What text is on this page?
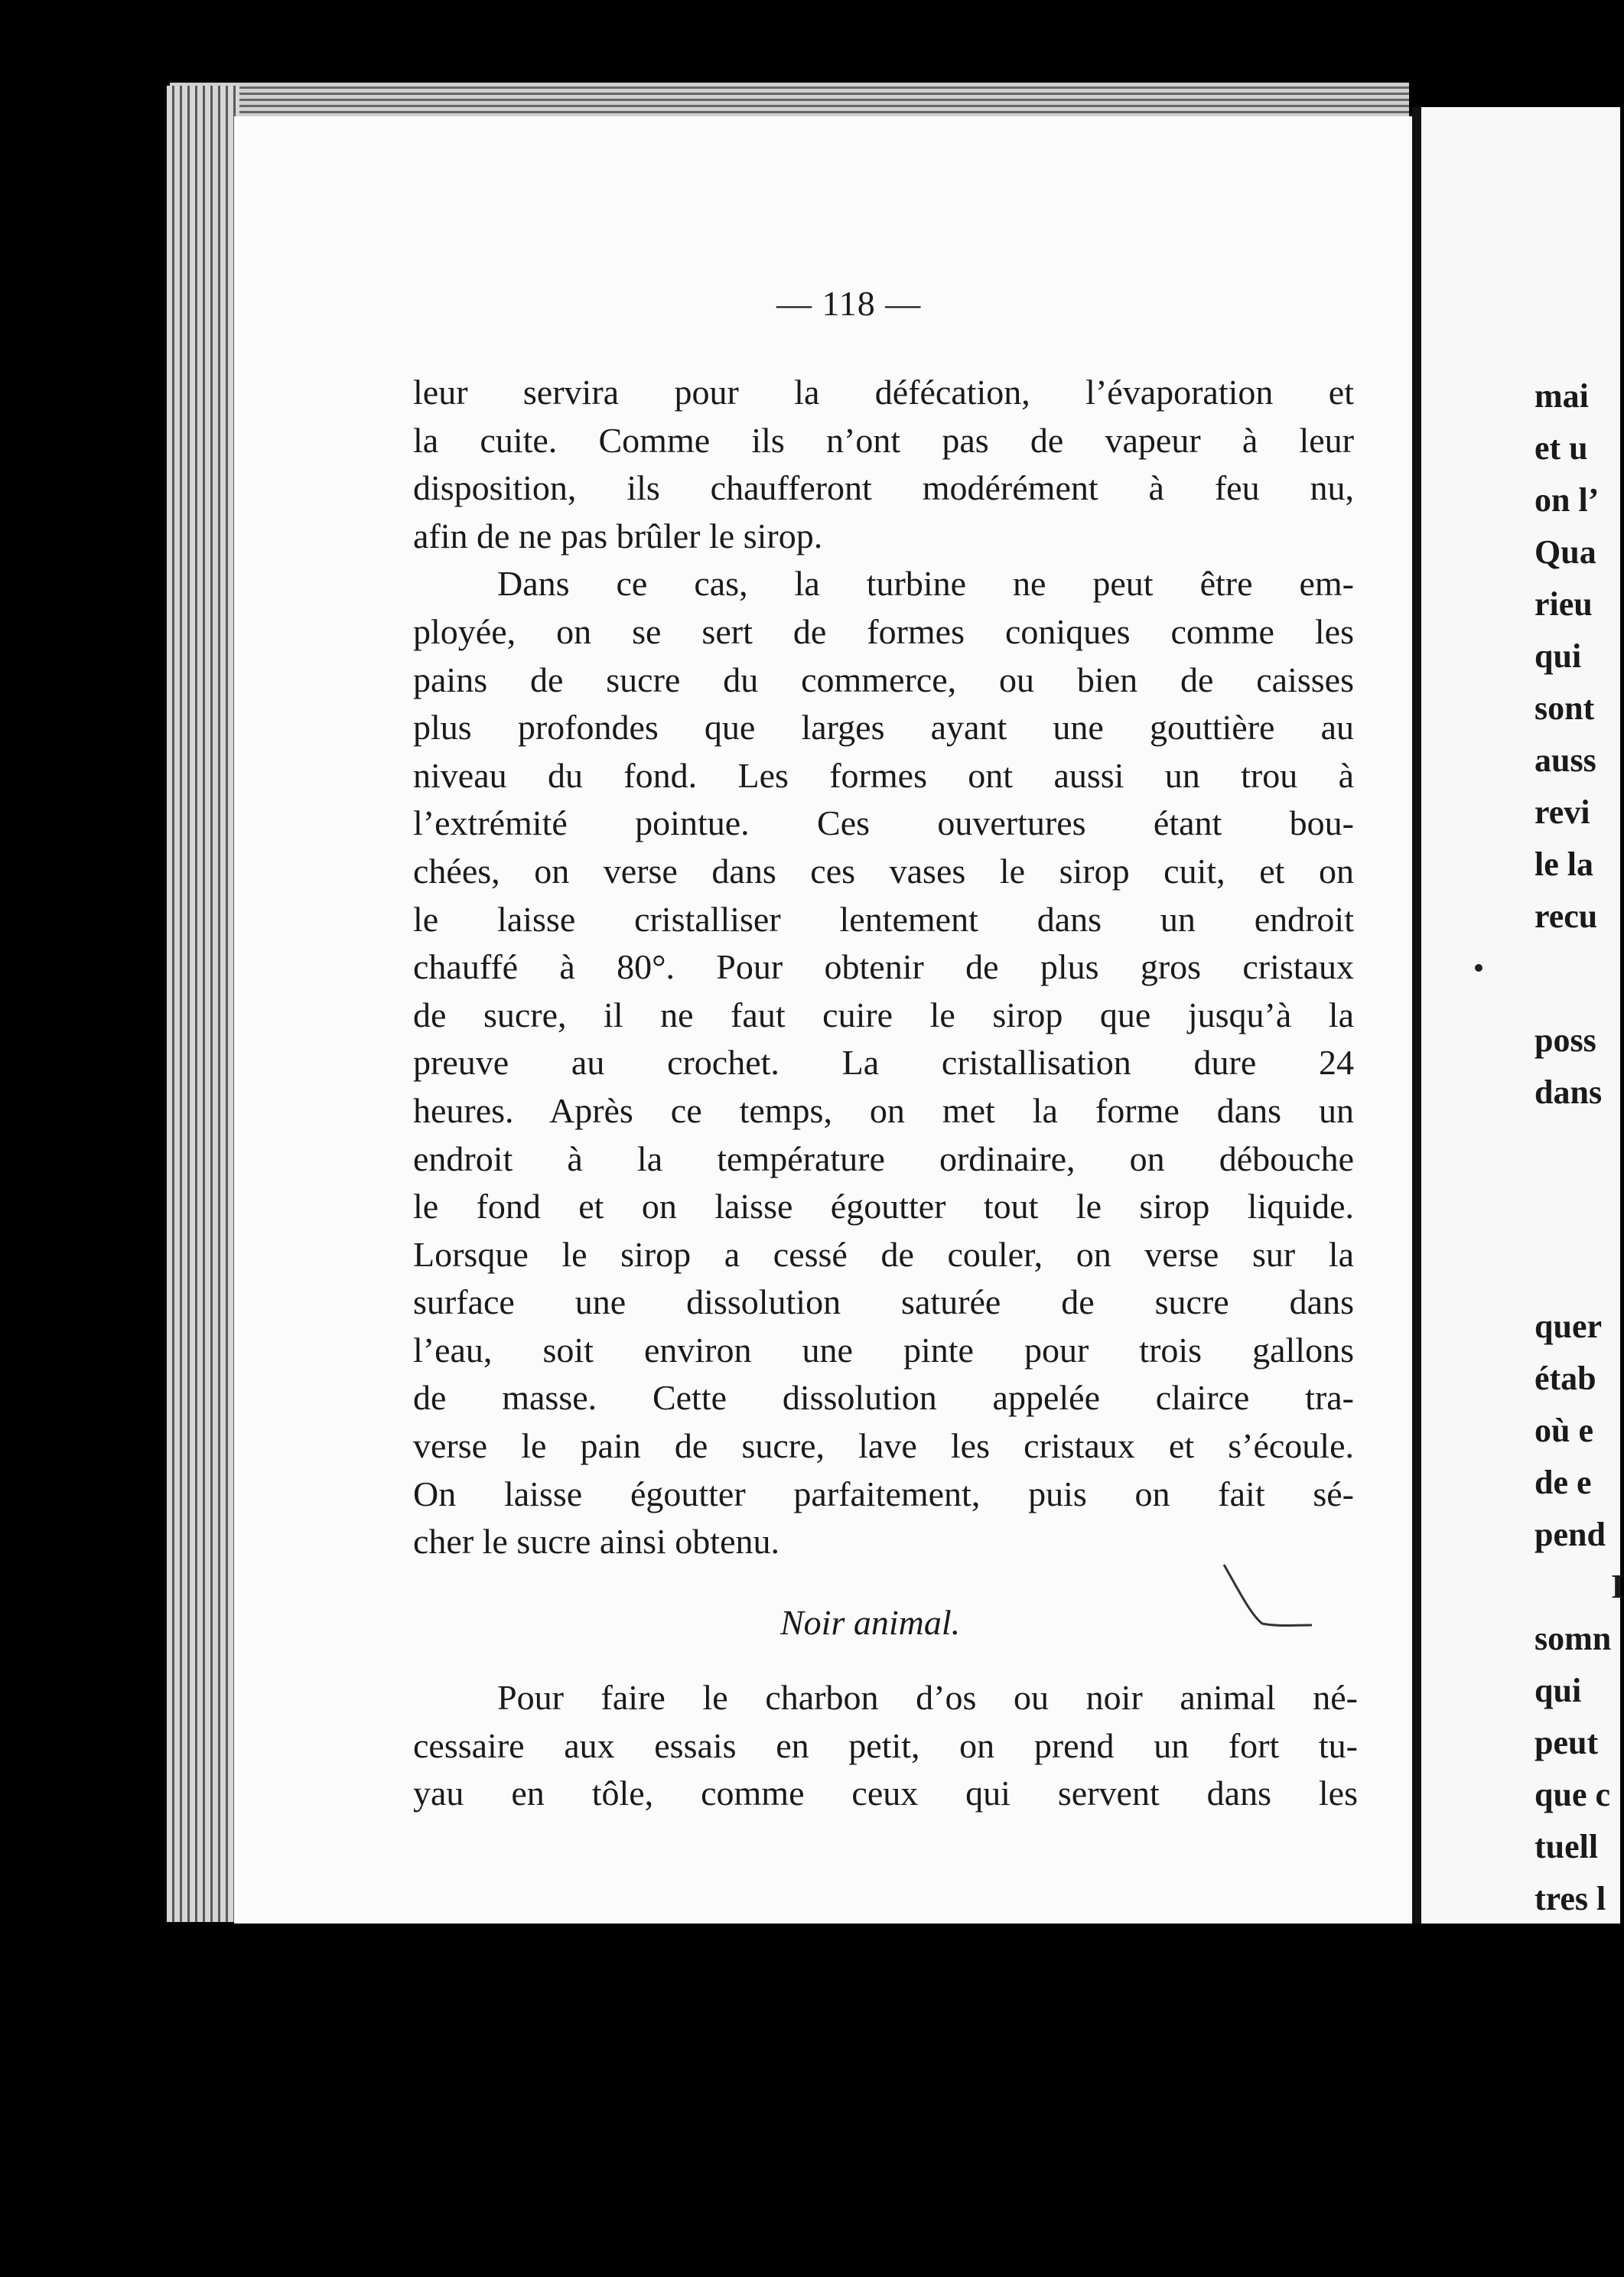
— 118 —
leur servira pour la défécation, l’évaporation et
la cuite. Comme ils n’ont pas de vapeur à leur
disposition, ils chaufferont modérément à feu nu,
afin de ne pas brûler le sirop.
Dans ce cas, la turbine ne peut être em-
ployée, on se sert de formes coniques comme les
pains de sucre du commerce, ou bien de caisses
plus profondes que larges ayant une gouttière au
niveau du fond. Les formes ont aussi un trou à
l’extrémité pointue. Ces ouvertures étant bou-
chées, on verse dans ces vases le sirop cuit, et on
le laisse cristalliser lentement dans un endroit
chauffé à 80°. Pour obtenir de plus gros cristaux
de sucre, il ne faut cuire le sirop que jusqu’à la
preuve au crochet. La cristallisation dure 24
heures. Après ce temps, on met la forme dans un
endroit à la température ordinaire, on débouche
le fond et on laisse égoutter tout le sirop liquide.
Lorsque le sirop a cessé de couler, on verse sur la
surface une dissolution saturée de sucre dans
l’eau, soit environ une pinte pour trois gallons
de masse. Cette dissolution appelée clairce tra-
verse le pain de sucre, lave les cristaux et s’écoule.
On laisse égoutter parfaitement, puis on fait sé-
cher le sucre ainsi obtenu.
Noir animal.
Pour faire le charbon d’os ou noir animal né-
cessaire aux essais en petit, on prend un fort tu-
yau en tôle, comme ceux qui servent dans les
mai
et u
on l’
Qua
rieu
qui
sont
auss
revi
le la
recu
poss
dans
quer
étab
où e
de e
pend
I
somn
qui
peut
que c
tuell
tres l
